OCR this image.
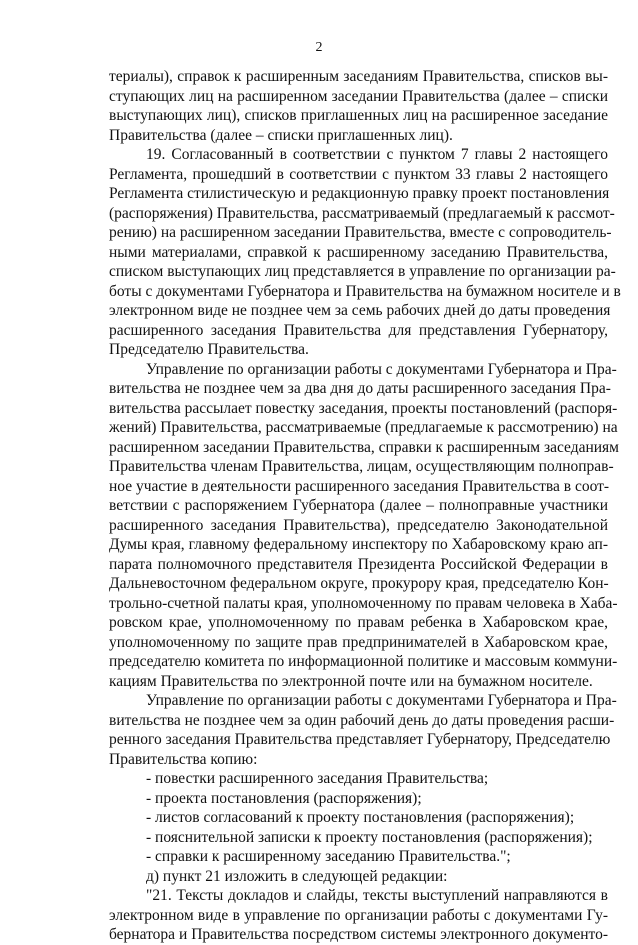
2
териалы), справок к расширенным заседаниям Правительства, списков вы-
ступающих лиц на расширенном заседании Правительства (далее – списки
выступающих лиц), списков приглашенных лиц на расширенное заседание
Правительства (далее – списки приглашенных лиц).
19. Согласованный в соответствии с пунктом 7 главы 2 настоящего
Регламента, прошедший в соответствии с пунктом 33 главы 2 настоящего
Регламента стилистическую и редакционную правку проект постановления
(распоряжения) Правительства, рассматриваемый (предлагаемый к рассмот-
рению) на расширенном заседании Правительства, вместе с сопроводитель-
ными материалами, справкой к расширенному заседанию Правительства,
списком выступающих лиц представляется в управление по организации ра-
боты с документами Губернатора и Правительства на бумажном носителе и в
электронном виде не позднее чем за семь рабочих дней до даты проведения
расширенного заседания Правительства для представления Губернатору,
Председателю Правительства.
Управление по организации работы с документами Губернатора и Пра-
вительства не позднее чем за два дня до даты расширенного заседания Пра-
вительства рассылает повестку заседания, проекты постановлений (распоря-
жений) Правительства, рассматриваемые (предлагаемые к рассмотрению) на
расширенном заседании Правительства, справки к расширенным заседаниям
Правительства членам Правительства, лицам, осуществляющим полноправ-
ное участие в деятельности расширенного заседания Правительства в соот-
ветствии с распоряжением Губернатора (далее – полноправные участники
расширенного заседания Правительства), председателю Законодательной
Думы края, главному федеральному инспектору по Хабаровскому краю ап-
парата полномочного представителя Президента Российской Федерации в
Дальневосточном федеральном округе, прокурору края, председателю Кон-
трольно-счетной палаты края, уполномоченному по правам человека в Хаба-
ровском крае, уполномоченному по правам ребенка в Хабаровском крае,
уполномоченному по защите прав предпринимателей в Хабаровском крае,
председателю комитета по информационной политике и массовым коммуни-
кациям Правительства по электронной почте или на бумажном носителе.
Управление по организации работы с документами Губернатора и Пра-
вительства не позднее чем за один рабочий день до даты проведения расши-
ренного заседания Правительства представляет Губернатору, Председателю
Правительства копию:
- повестки расширенного заседания Правительства;
- проекта постановления (распоряжения);
- листов согласований к проекту постановления (распоряжения);
- пояснительной записки к проекту постановления (распоряжения);
- справки к расширенному заседанию Правительства.";
д) пункт 21 изложить в следующей редакции:
"21. Тексты докладов и слайды, тексты выступлений направляются в
электронном виде в управление по организации работы с документами Гу-
бернатора и Правительства посредством системы электронного документо-
